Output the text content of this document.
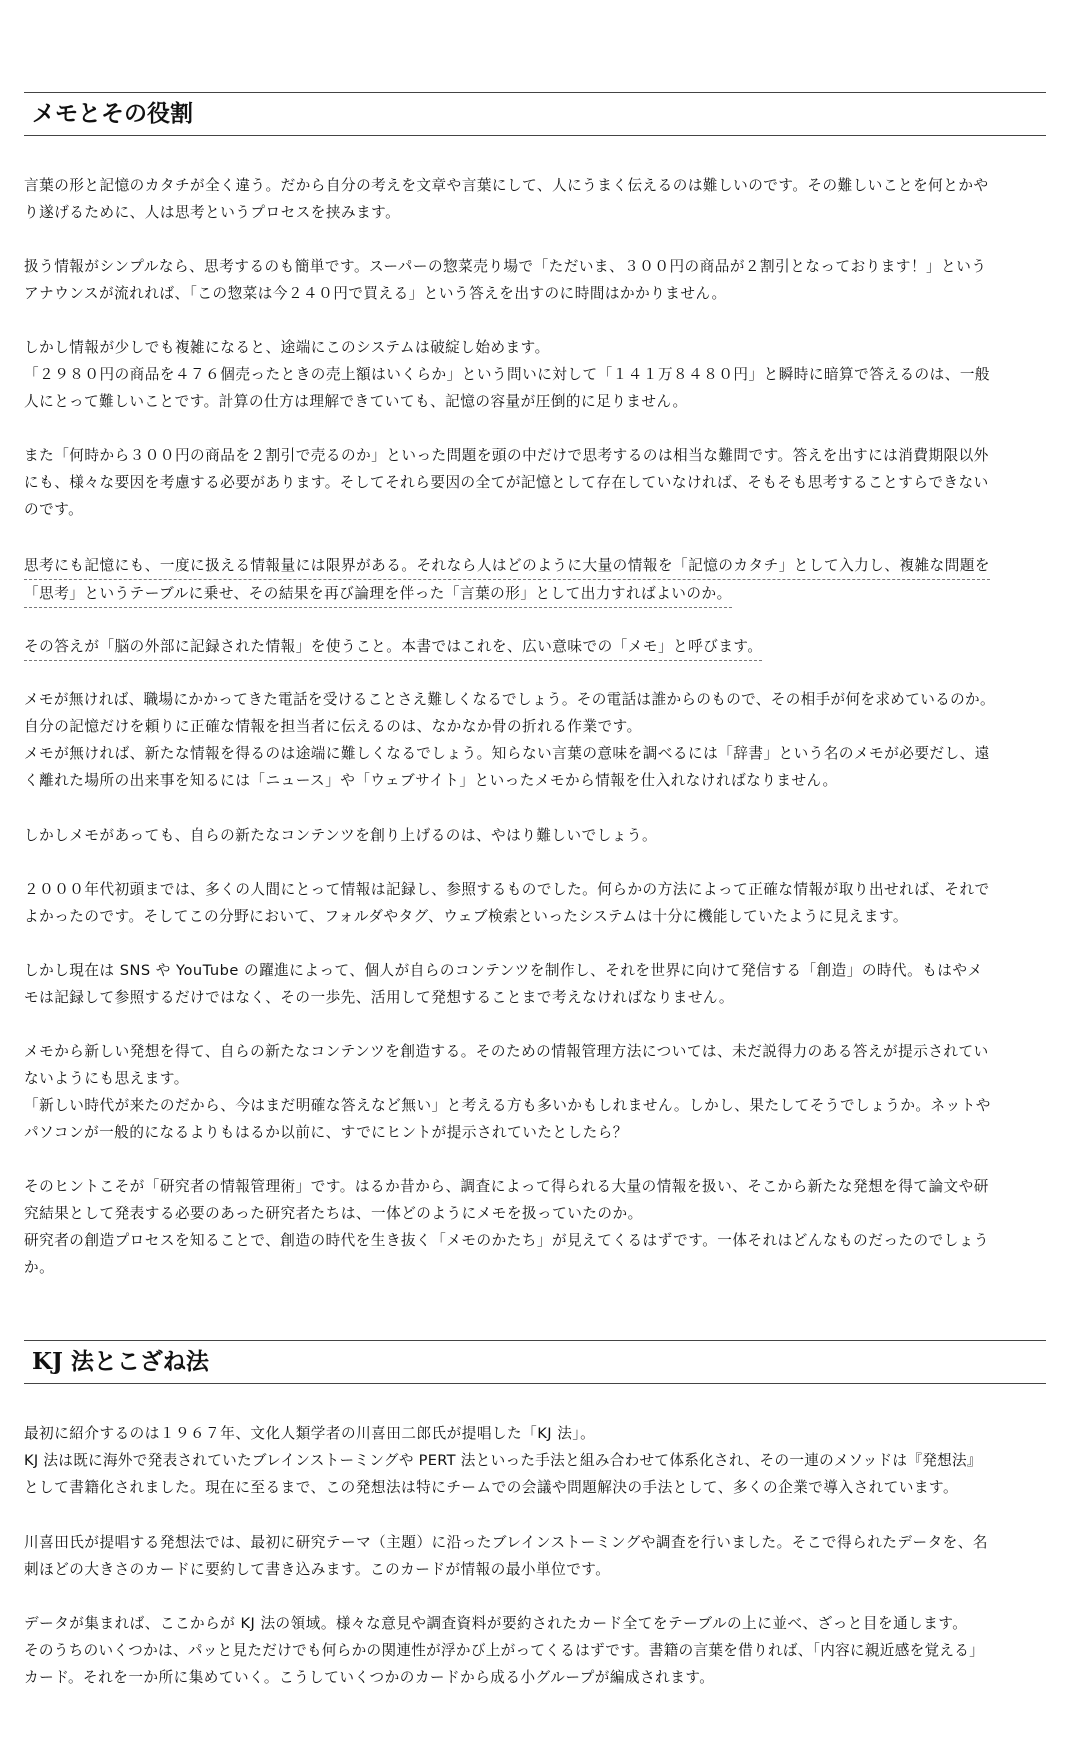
メモとその役割

言葉の形と記憶のカタチが全く違う。だから自分の考えを文章や言葉にして、人にうまく伝えるのは難しいのです。その難しいことを何とかや

り遂げるために、人は思考というプロセスを挟みます。

扱う情報がシンプルなら、思考するのも簡単です。スーパーの惣菜売り場で「ただいま、３００円の商品が２割引となっております！」という

アナウンスが流れれば、「この惣菜は今２４０円で買える」という答えを出すのに時間はかかりません。

しかし情報が少しでも複雑になると、途端にこのシステムは破綻し始めます。

「２９８０円の商品を４７６個売ったときの売上額はいくらか」という問いに対して「１４１万８４８０円」と瞬時に暗算で答えるのは、一般

人にとって難しいことです。計算の仕方は理解できていても、記憶の容量が圧倒的に足りません。

また「何時から３００円の商品を２割引で売るのか」といった問題を頭の中だけで思考するのは相当な難問です。答えを出すには消費期限以外

にも、様々な要因を考慮する必要があります。そしてそれら要因の全てが記憶として存在していなければ、そもそも思考することすらできない

のです。

思考にも記憶にも、一度に扱える情報量には限界がある。それなら人はどのように大量の情報を「記憶のカタチ」として入力し、複雑な問題を

「思考」というテーブルに乗せ、その結果を再び論理を伴った「言葉の形」として出力すればよいのか。

その答えが「脳の外部に記録された情報」を使うこと。本書ではこれを、広い意味での「メモ」と呼びます。

メモが無ければ、職場にかかってきた電話を受けることさえ難しくなるでしょう。その電話は誰からのもので、その相手が何を求めているのか。

自分の記憶だけを頼りに正確な情報を担当者に伝えるのは、なかなか骨の折れる作業です。

メモが無ければ、新たな情報を得るのは途端に難しくなるでしょう。知らない言葉の意味を調べるには「辞書」という名のメモが必要だし、遠

く離れた場所の出来事を知るには「ニュース」や「ウェブサイト」といったメモから情報を仕入れなければなりません。

しかしメモがあっても、自らの新たなコンテンツを創り上げるのは、やはり難しいでしょう。

２０００年代初頭までは、多くの人間にとって情報は記録し、参照するものでした。何らかの方法によって正確な情報が取り出せれば、それで

よかったのです。そしてこの分野において、フォルダやタグ、ウェブ検索といったシステムは十分に機能していたように見えます。

しかし現在は SNS や YouTube の躍進によって、個人が自らのコンテンツを制作し、それを世界に向けて発信する「創造」の時代。もはやメ

モは記録して参照するだけではなく、その一歩先、活用して発想することまで考えなければなりません。

メモから新しい発想を得て、自らの新たなコンテンツを創造する。そのための情報管理方法については、未だ説得力のある答えが提示されてい

ないようにも思えます。

「新しい時代が来たのだから、今はまだ明確な答えなど無い」と考える方も多いかもしれません。しかし、果たしてそうでしょうか。ネットや

パソコンが一般的になるよりもはるか以前に、すでにヒントが提示されていたとしたら？

そのヒントこそが「研究者の情報管理術」です。はるか昔から、調査によって得られる大量の情報を扱い、そこから新たな発想を得て論文や研

究結果として発表する必要のあった研究者たちは、一体どのようにメモを扱っていたのか。

研究者の創造プロセスを知ることで、創造の時代を生き抜く「メモのかたち」が見えてくるはずです。一体それはどんなものだったのでしょう

か。

KJ 法とこざね法

最初に紹介するのは１９６７年、文化人類学者の川喜田二郎氏が提唱した「KJ 法」。

KJ 法は既に海外で発表されていたブレインストーミングや PERT 法といった手法と組み合わせて体系化され、その一連のメソッドは『発想法』

として書籍化されました。現在に至るまで、この発想法は特にチームでの会議や問題解決の手法として、多くの企業で導入されています。

川喜田氏が提唱する発想法では、最初に研究テーマ（主題）に沿ったブレインストーミングや調査を行いました。そこで得られたデータを、名

刺ほどの大きさのカードに要約して書き込みます。このカードが情報の最小単位です。

データが集まれば、ここからが KJ 法の領域。様々な意見や調査資料が要約されたカード全てをテーブルの上に並べ、ざっと目を通します。

そのうちのいくつかは、パッと見ただけでも何らかの関連性が浮かび上がってくるはずです。書籍の言葉を借りれば、「内容に親近感を覚える」

カード。それを一か所に集めていく。こうしていくつかのカードから成る小グループが編成されます。
